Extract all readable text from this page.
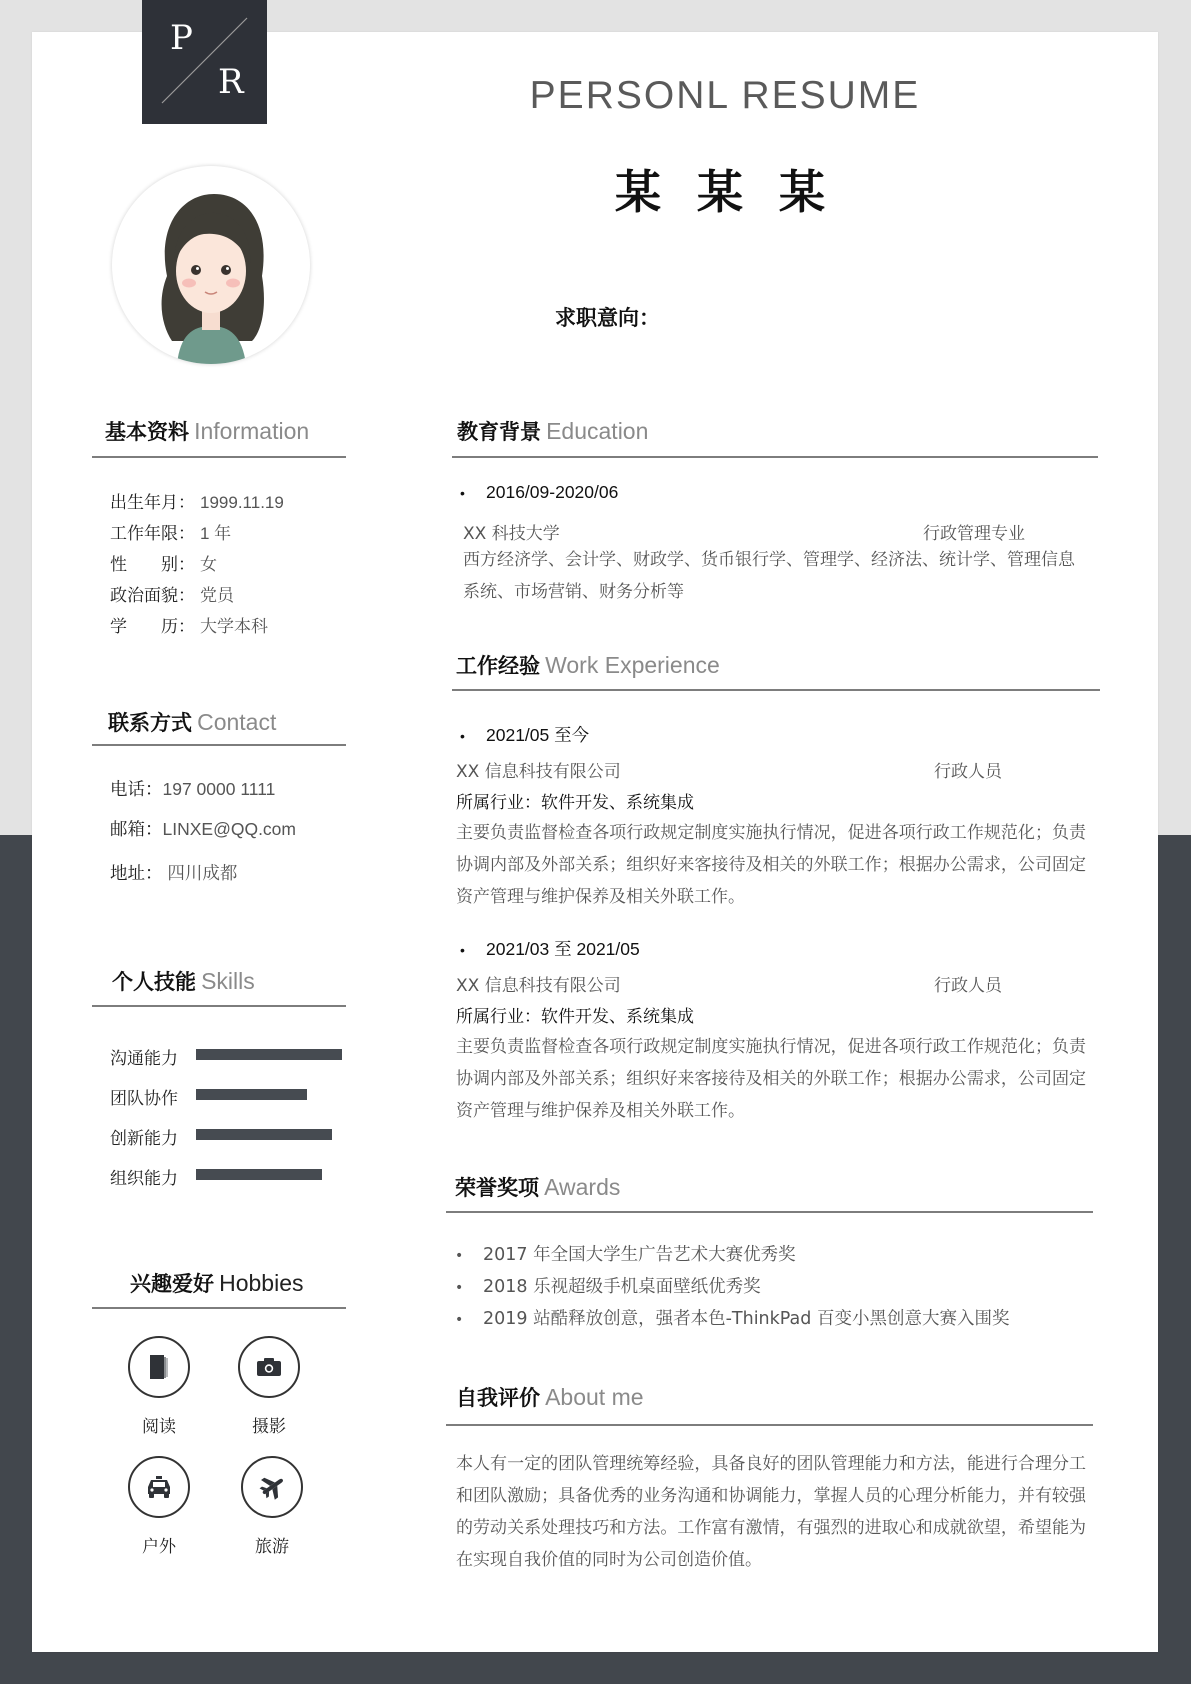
P
R	PERSONL RESUME
某 某 某
求职意向：
基本资料 Information
出生年月： 1999.11.19
工作年限： 1 年
性　　别： 女
政治面貌： 党员
学　　历： 大学本科
联系方式 Contact
电话：197 0000 1111
邮箱：LINXE@QQ.com
地址： 四川成都
个人技能 Skills
沟通能力
团队协作
创新能力
组织能力
兴趣爱好 Hobbies
阅读	摄影
户外	旅游
教育背景 Education
• 2016/09-2020/06
XX 科技大学	行政管理专业
西方经济学、会计学、财政学、货币银行学、管理学、经济法、统计学、管理信息系统、市场营销、财务分析等
工作经验 Work Experience
• 2021/05 至今
XX 信息科技有限公司	行政人员
所属行业：软件开发、系统集成
主要负责监督检查各项行政规定制度实施执行情况，促进各项行政工作规范化；负责协调内部及外部关系；组织好来客接待及相关的外联工作；根据办公需求，公司固定资产管理与维护保养及相关外联工作。
• 2021/03 至 2021/05
XX 信息科技有限公司	行政人员
所属行业：软件开发、系统集成
主要负责监督检查各项行政规定制度实施执行情况，促进各项行政工作规范化；负责协调内部及外部关系；组织好来客接待及相关的外联工作；根据办公需求，公司固定资产管理与维护保养及相关外联工作。
荣誉奖项 Awards
• 2017 年全国大学生广告艺术大赛优秀奖
• 2018 乐视超级手机桌面壁纸优秀奖
• 2019 站酷释放创意，强者本色-ThinkPad 百变小黑创意大赛入围奖
自我评价 About me
本人有一定的团队管理统筹经验，具备良好的团队管理能力和方法，能进行合理分工和团队激励；具备优秀的业务沟通和协调能力，掌握人员的心理分析能力，并有较强的劳动关系处理技巧和方法。工作富有激情，有强烈的进取心和成就欲望，希望能为在实现自我价值的同时为公司创造价值。
